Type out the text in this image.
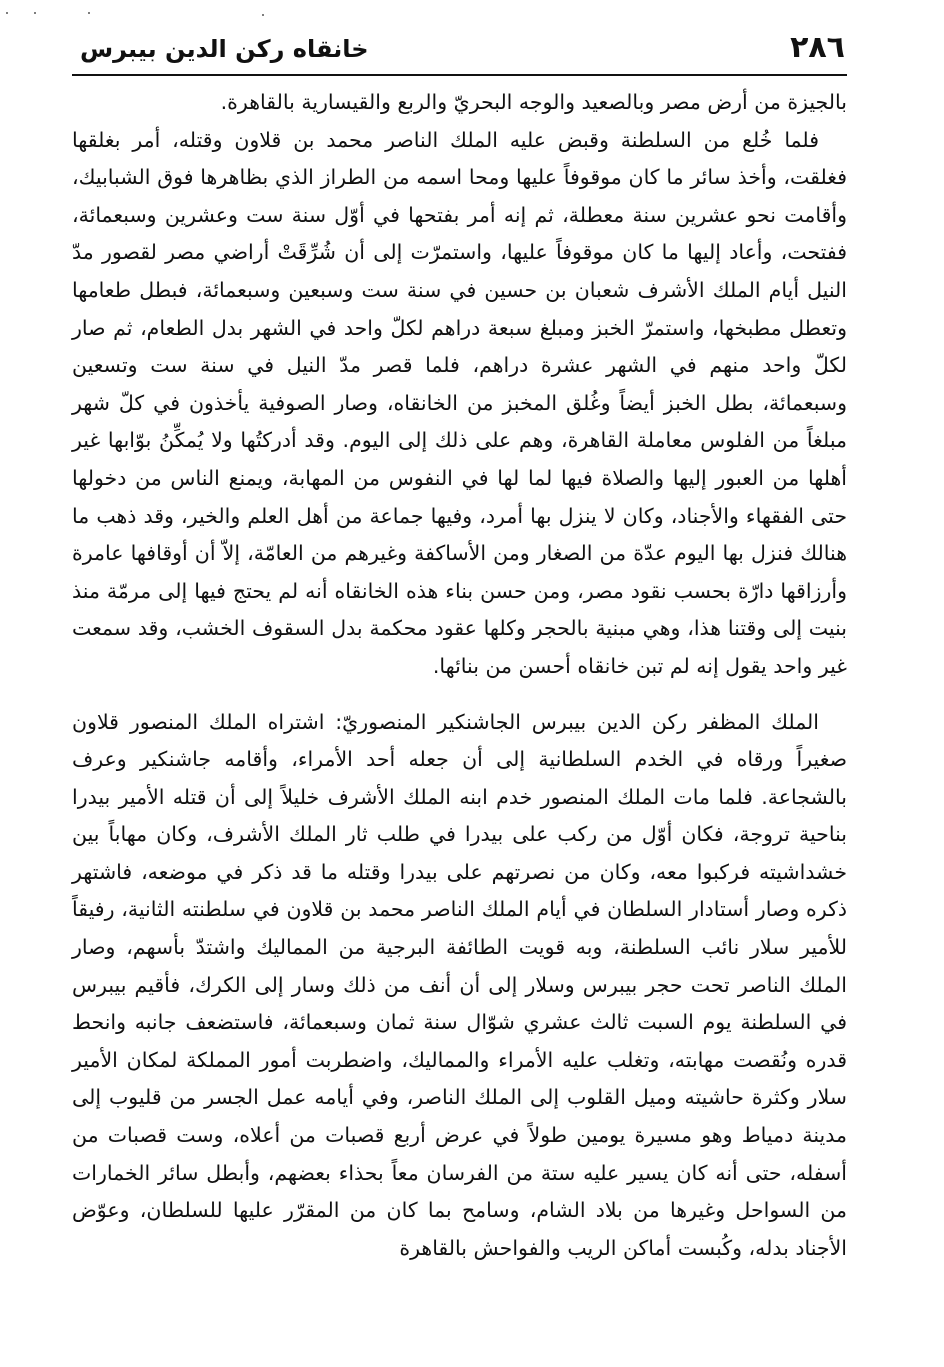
٢٨٦
خانقاه ركن الدين بيبرس

بالجيزة من أرض مصر وبالصعيد والوجه البحريّ والربع والقيسارية بالقاهرة.

فلما خُلع من السلطنة وقبض عليه الملك الناصر محمد بن قلاون وقتله، أمر بغلقها فغلقت، وأخذ سائر ما كان موقوفاً عليها ومحا اسمه من الطراز الذي بظاهرها فوق الشبابيك، وأقامت نحو عشرين سنة معطلة، ثم إنه أمر بفتحها في أوّل سنة ست وعشرين وسبعمائة، ففتحت، وأعاد إليها ما كان موقوفاً عليها، واستمرّت إلى أن شُرِّقَتْ أراضي مصر لقصور مدّ النيل أيام الملك الأشرف شعبان بن حسين في سنة ست وسبعين وسبعمائة، فبطل طعامها وتعطل مطبخها، واستمرّ الخبز ومبلغ سبعة دراهم لكلّ واحد في الشهر بدل الطعام، ثم صار لكلّ واحد منهم في الشهر عشرة دراهم، فلما قصر مدّ النيل في سنة ست وتسعين وسبعمائة، بطل الخبز أيضاً وغُلق المخبز من الخانقاه، وصار الصوفية يأخذون في كلّ شهر مبلغاً من الفلوس معاملة القاهرة، وهم على ذلك إلى اليوم. وقد أدركتُها ولا يُمكِّنُ بوّابها غير أهلها من العبور إليها والصلاة فيها لما لها في النفوس من المهابة، ويمنع الناس من دخولها حتى الفقهاء والأجناد، وكان لا ينزل بها أمرد، وفيها جماعة من أهل العلم والخير، وقد ذهب ما هنالك فنزل بها اليوم عدّة من الصغار ومن الأساكفة وغيرهم من العامّة، إلاّ أن أوقافها عامرة وأرزاقها دارّة بحسب نقود مصر، ومن حسن بناء هذه الخانقاه أنه لم يحتج فيها إلى مرمّة منذ بنيت إلى وقتنا هذا، وهي مبنية بالحجر وكلها عقود محكمة بدل السقوف الخشب، وقد سمعت غير واحد يقول إنه لم تبن خانقاه أحسن من بنائها.

الملك المظفر ركن الدين بيبرس الجاشنكير المنصوريّ: اشتراه الملك المنصور قلاون صغيراً ورقاه في الخدم السلطانية إلى أن جعله أحد الأمراء، وأقامه جاشنكير وعرف بالشجاعة. فلما مات الملك المنصور خدم ابنه الملك الأشرف خليلاً إلى أن قتله الأمير بيدرا بناحية تروجة، فكان أوّل من ركب على بيدرا في طلب ثار الملك الأشرف، وكان مهاباً بين خشداشيته فركبوا معه، وكان من نصرتهم على بيدرا وقتله ما قد ذكر في موضعه، فاشتهر ذكره وصار أستادار السلطان في أيام الملك الناصر محمد بن قلاون في سلطنته الثانية، رفيقاً للأمير سلار نائب السلطنة، وبه قويت الطائفة البرجية من المماليك واشتدّ بأسهم، وصار الملك الناصر تحت حجر بيبرس وسلار إلى أن أنف من ذلك وسار إلى الكرك، فأقيم بيبرس في السلطنة يوم السبت ثالث عشري شوّال سنة ثمان وسبعمائة، فاستضعف جانبه وانحط قدره ونُقصت مهابته، وتغلب عليه الأمراء والمماليك، واضطربت أمور المملكة لمكان الأمير سلار وكثرة حاشيته وميل القلوب إلى الملك الناصر، وفي أيامه عمل الجسر من قليوب إلى مدينة دمياط وهو مسيرة يومين طولاً في عرض أربع قصبات من أعلاه، وست قصبات من أسفله، حتى أنه كان يسير عليه ستة من الفرسان معاً بحذاء بعضهم، وأبطل سائر الخمارات من السواحل وغيرها من بلاد الشام، وسامح بما كان من المقرّر عليها للسلطان، وعوّض الأجناد بدله، وكُبست أماكن الريب والفواحش بالقاهرة
